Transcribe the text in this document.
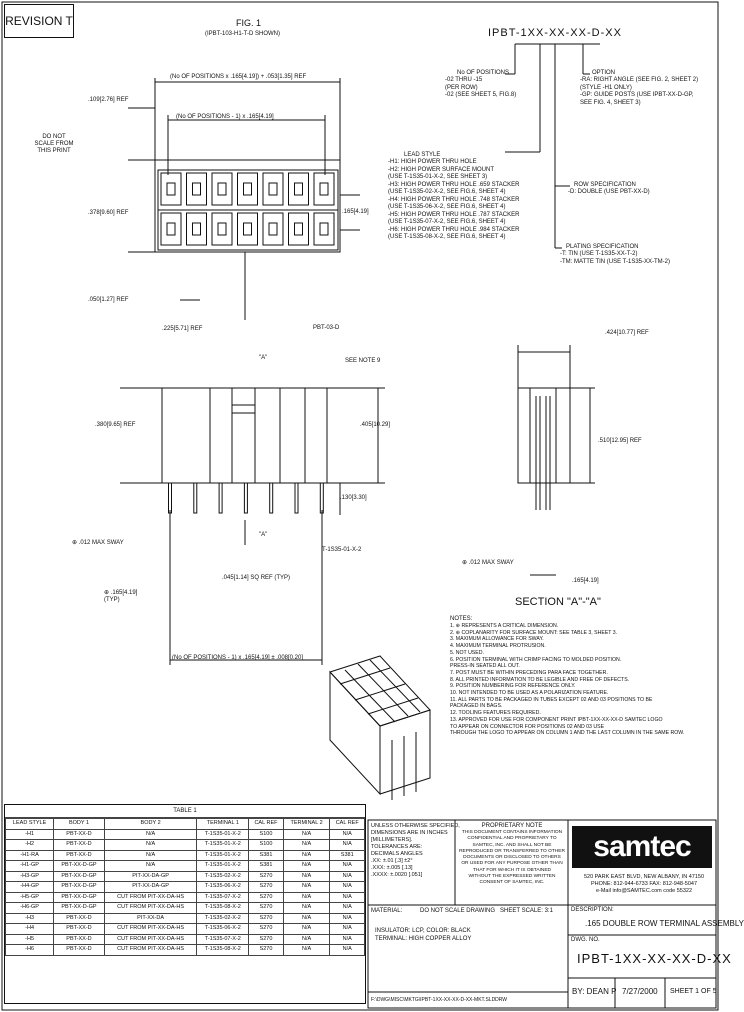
REVISION T	FIG. 1
(IPBT-103-H1-T-D SHOWN)
DO NOT
SCALE FROM
THIS PRINT
IPBT-1XX-XX-XX-D-XX
(No OF POSITIONS x .165[4.19]) + .053[1.35] REF
.109[2.76] REF
(No OF POSITIONS - 1) x .165[4.19]
.378[9.60] REF	.165[4.19]
.050[1.27] REF
.225[5.71] REF	PBT-03-D
SEE NOTE 9
"A"
.380[9.65] REF	.405[10.29]
.130[3.30]
"A"
T-1S35-01-X-2
⊕ .012 MAX SWAY
.045[1.14] SQ REF (TYP)
⊕ .165[4.19] (TYP)
(No OF POSITIONS - 1) x .165[4.19] ± .008[0.20]
.424[10.77] REF
.510[12.95] REF
⊕ .012 MAX SWAY
.165[4.19]
SECTION "A"-"A"
No OF POSITIONS
-02 THRU -15
(PER ROW)
-02 (SEE SHEET 5, FIG.8)
LEAD STYLE
-H1: HIGH POWER THRU HOLE
-H2: HIGH POWER SURFACE MOUNT
(USE T-1S35-01-X-2, SEE SHEET 3)
-H3: HIGH POWER THRU HOLE .659 STACKER
(USE T-1S35-02-X-2, SEE FIG.6, SHEET 4)
-H4: HIGH POWER THRU HOLE .748 STACKER
(USE T-1S35-06-X-2, SEE FIG.6, SHEET 4)
-H5: HIGH POWER THRU HOLE .787 STACKER
(USE T-1S35-07-X-2, SEE FIG.6, SHEET 4)
-H6: HIGH POWER THRU HOLE .984 STACKER
(USE T-1S35-08-X-2, SEE FIG.6, SHEET 4)
OPTION
-RA: RIGHT ANGLE (SEE FIG. 2, SHEET 2)
(STYLE -H1 ONLY)
-GP: GUIDE POSTS (USE IPBT-XX-D-GP,
SEE FIG. 4, SHEET 3)
ROW SPECIFICATION
-D: DOUBLE (USE PBT-XX-D)
PLATING SPECIFICATION
-T: TIN (USE T-1S35-XX-T-2)
-TM: MATTE TIN (USE T-1S35-XX-TM-2)
NOTES:
1. ⊕ REPRESENTS A CRITICAL DIMENSION.
2. ⊕ COPLANARITY FOR SURFACE MOUNT: SEE TABLE 3, SHEET 3.
3. MAXIMUM ALLOWANCE FOR SWAY.
4. MAXIMUM TERMINAL PROTRUSION.
5. NOT USED.
6. POSITION TERMINAL WITH CRIMP FACING TO MOLDED POSITION.
PRESS-IN SEATED ALL OUT.
7. POST MUST BE WITHIN PRECEDING PARA FACE TOGETHER.
8. ALL PRINTED INFORMATION TO BE LEGIBLE AND FREE OF DEFECTS.
9. POSITION NUMBERING FOR REFERENCE ONLY.
10. NOT INTENDED TO BE USED AS A POLARIZATION FEATURE.
11. ALL PARTS TO BE PACKAGED IN TUBES EXCEPT 02 AND 03 POSITIONS TO BE
PACKAGED IN BAGS.
12. TOOLING FEATURES REQUIRED.
13. APPROVED FOR USE FOR COMPONENT PRINT IPBT-1XX-XX-XX-D SAMTEC LOGO
TO APPEAR ON CONNECTOR FOR POSITIONS 02 AND 03 USE
THROUGH THE LOGO TO APPEAR ON COLUMN 1 AND THE LAST COLUMN IN THE SAME ROW.
TABLE 1
LEAD STYLE	BODY 1	BODY 2	TERMINAL 1	CAL REF	TERMINAL 2	CAL REF
-H1	PBT-XX-D	N/A	T-1S35-01-X-2	S100	N/A	N/A
-H2	PBT-XX-D	N/A	T-1S35-01-X-2	S100	N/A	N/A
-H1-RA	PBT-XX-D	N/A	T-1S35-01-X-2	S381	N/A	S381
-H1-GP	PBT-XX-D-GP	N/A	T-1S35-01-X-2	S381	N/A	N/A
-H3-GP	PBT-XX-D-GP	PIT-XX-DA-GP	T-1S35-02-X-2	S270	N/A	N/A
-H4-GP	PBT-XX-D-GP	PIT-XX-DA-GP	T-1S35-06-X-2	S270	N/A	N/A
-H5-GP	PBT-XX-D-GP	CUT FROM PIT-XX-DA-HS	T-1S35-07-X-2	S270	N/A	N/A
-H6-GP	PBT-XX-D-GP	CUT FROM PIT-XX-DA-HS	T-1S35-08-X-2	S270	N/A	N/A
-H3	PBT-XX-D	PIT-XX-DA	T-1S35-02-X-2	S270	N/A	N/A
-H4	PBT-XX-D	CUT FROM PIT-XX-DA-HS	T-1S35-06-X-2	S270	N/A	N/A
-H5	PBT-XX-D	CUT FROM PIT-XX-DA-HS	T-1S35-07-X-2	S270	N/A	N/A
-H6	PBT-XX-D	CUT FROM PIT-XX-DA-HS	T-1S35-08-X-2	S270	N/A	N/A
UNLESS OTHERWISE SPECIFIED,
DIMENSIONS ARE IN INCHES
[MILLIMETERS].
TOLERANCES ARE:
DECIMALS ANGLES
.XX: ±.01 [.3] ±2°
.XXX: ±.005 [.13]
.XXXX: ±.0020 [.051]
PROPRIETARY NOTE
THIS DOCUMENT CONTAINS INFORMATION
CONFIDENTIAL AND PROPRIETARY TO
SAMTEC, INC. AND SHALL NOT BE
REPRODUCED OR TRANSFERRED TO OTHER
DOCUMENTS OR DISCLOSED TO OTHERS
OR USED FOR ANY PURPOSE OTHER THAN
THAT FOR WHICH IT IS OBTAINED
WITHOUT THE EXPRESSED WRITTEN
CONSENT OF SAMTEC, INC.
MATERIAL:	DO NOT SCALE DRAWING SHEET SCALE: 3:1
INSULATOR: LCP, COLOR: BLACK
TERMINAL: HIGH COPPER ALLOY
F:\DWG\MISC\MKTG\IPBT-1XX-XX-XX-D-XX-MKT.SLDDRW
samtec
520 PARK EAST BLVD, NEW ALBANY, IN 47150
PHONE: 812-944-6733 FAX: 812-948-5047
e-Mail info@SAMTEC.com code 55322
DESCRIPTION:
.165 DOUBLE ROW TERMINAL ASSEMBLY
DWG. NO.
IPBT-1XX-XX-XX-D-XX
BY: DEAN P 7/27/2000 SHEET 1 OF 5
